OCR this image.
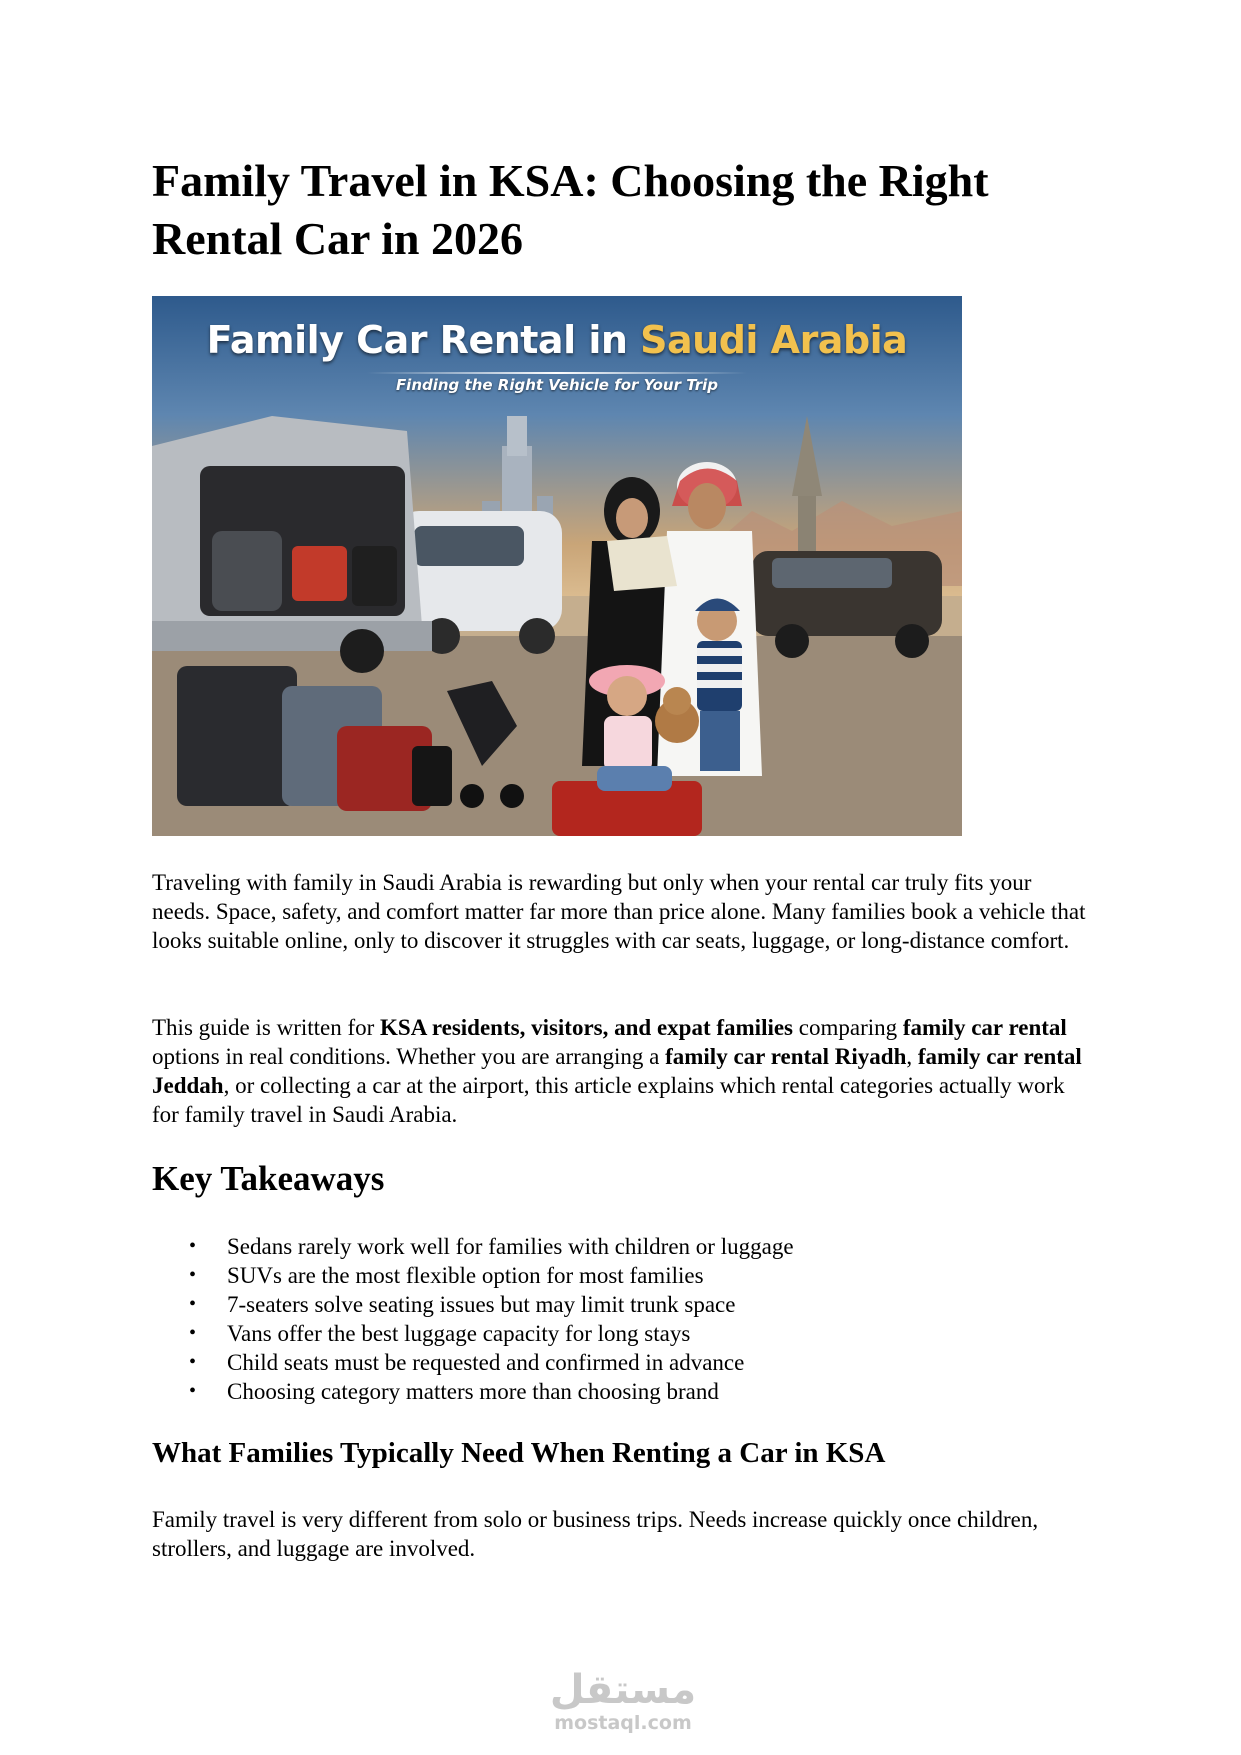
Family Travel in KSA: Choosing the Right Rental Car in 2026
Family Car Rental in Saudi Arabia
Finding the Right Vehicle for Your Trip

Traveling with family in Saudi Arabia is rewarding but only when your rental car truly fits your needs. Space, safety, and comfort matter far more than price alone. Many families book a vehicle that looks suitable online, only to discover it struggles with car seats, luggage, or long-distance comfort.

This guide is written for KSA residents, visitors, and expat families comparing family car rental options in real conditions. Whether you are arranging a family car rental Riyadh, family car rental Jeddah, or collecting a car at the airport, this article explains which rental categories actually work for family travel in Saudi Arabia.

Key Takeaways
• Sedans rarely work well for families with children or luggage
• SUVs are the most flexible option for most families
• 7-seaters solve seating issues but may limit trunk space
• Vans offer the best luggage capacity for long stays
• Child seats must be requested and confirmed in advance
• Choosing category matters more than choosing brand
What Families Typically Need When Renting a Car in KSA

Family travel is very different from solo or business trips. Needs increase quickly once children, strollers, and luggage are involved.

مستقل
mostaql.com
